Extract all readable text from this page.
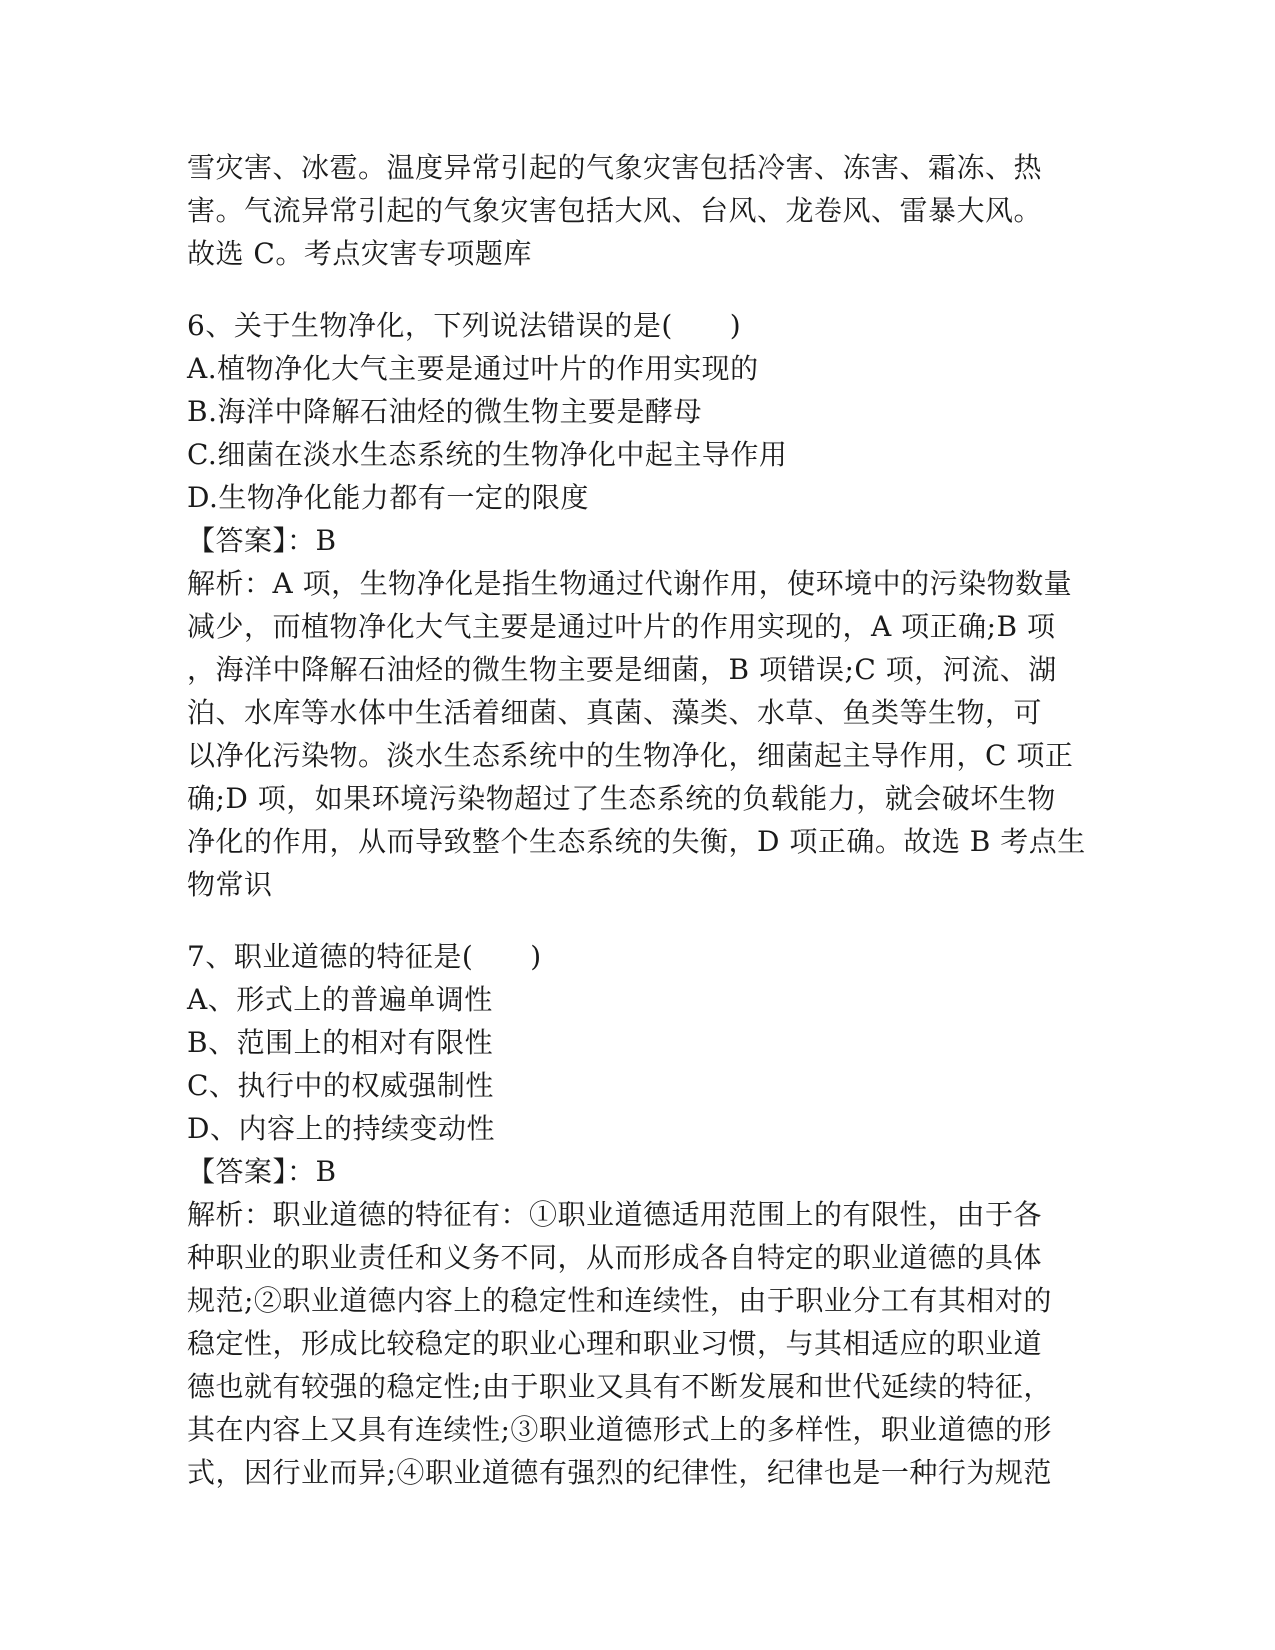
雪灾害、冰雹。温度异常引起的气象灾害包括冷害、冻害、霜冻、热
害。气流异常引起的气象灾害包括大风、台风、龙卷风、雷暴大风。
故选 C。考点灾害专项题库
6、关于生物净化，下列说法错误的是(　　)
A.植物净化大气主要是通过叶片的作用实现的
B.海洋中降解石油烃的微生物主要是酵母
C.细菌在淡水生态系统的生物净化中起主导作用
D.生物净化能力都有一定的限度
【答案】：B
解析：A 项，生物净化是指生物通过代谢作用，使环境中的污染物数量
减少，而植物净化大气主要是通过叶片的作用实现的，A 项正确;B 项
，海洋中降解石油烃的微生物主要是细菌，B 项错误;C 项，河流、湖
泊、水库等水体中生活着细菌、真菌、藻类、水草、鱼类等生物，可
以净化污染物。淡水生态系统中的生物净化，细菌起主导作用，C 项正
确;D 项，如果环境污染物超过了生态系统的负载能力，就会破坏生物
净化的作用，从而导致整个生态系统的失衡，D 项正确。故选 B 考点生
物常识
7、职业道德的特征是(　　)
A、形式上的普遍单调性
B、范围上的相对有限性
C、执行中的权威强制性
D、内容上的持续变动性
【答案】：B
解析：职业道德的特征有：①职业道德适用范围上的有限性，由于各
种职业的职业责任和义务不同，从而形成各自特定的职业道德的具体
规范;②职业道德内容上的稳定性和连续性，由于职业分工有其相对的
稳定性，形成比较稳定的职业心理和职业习惯，与其相适应的职业道
德也就有较强的稳定性;由于职业又具有不断发展和世代延续的特征，
其在内容上又具有连续性;③职业道德形式上的多样性，职业道德的形
式，因行业而异;④职业道德有强烈的纪律性，纪律也是一种行为规范
